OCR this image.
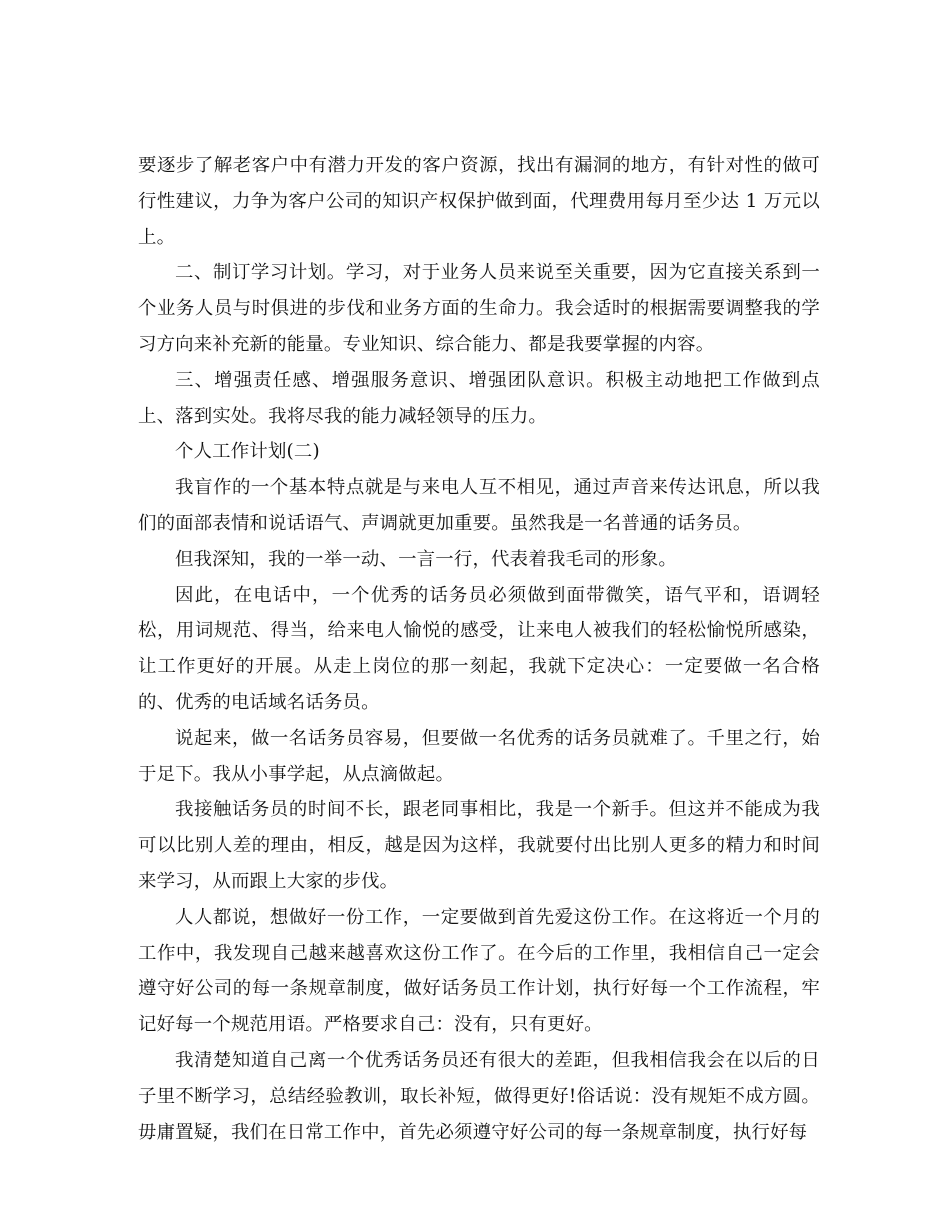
要逐步了解老客户中有潜力开发的客户资源，找出有漏洞的地方，有针对性的做可行性建议，力争为客户公司的知识产权保护做到面，代理费用每月至少达 1 万元以上。

二、制订学习计划。学习，对于业务人员来说至关重要，因为它直接关系到一个业务人员与时俱进的步伐和业务方面的生命力。我会适时的根据需要调整我的学习方向来补充新的能量。专业知识、综合能力、都是我要掌握的内容。

三、增强责任感、增强服务意识、增强团队意识。积极主动地把工作做到点上、落到实处。我将尽我的能力减轻领导的压力。

个人工作计划(二)

我盲作的一个基本特点就是与来电人互不相见，通过声音来传达讯息，所以我们的面部表情和说话语气、声调就更加重要。虽然我是一名普通的话务员。

但我深知，我的一举一动、一言一行，代表着我毛司的形象。

因此，在电话中，一个优秀的话务员必须做到面带微笑，语气平和，语调轻松，用词规范、得当，给来电人愉悦的感受，让来电人被我们的轻松愉悦所感染，让工作更好的开展。从走上岗位的那一刻起，我就下定决心：一定要做一名合格的、优秀的电话域名话务员。

说起来，做一名话务员容易，但要做一名优秀的话务员就难了。千里之行，始于足下。我从小事学起，从点滴做起。

我接触话务员的时间不长，跟老同事相比，我是一个新手。但这并不能成为我可以比别人差的理由，相反，越是因为这样，我就要付出比别人更多的精力和时间来学习，从而跟上大家的步伐。

人人都说，想做好一份工作，一定要做到首先爱这份工作。在这将近一个月的工作中，我发现自己越来越喜欢这份工作了。在今后的工作里，我相信自己一定会遵守好公司的每一条规章制度，做好话务员工作计划，执行好每一个工作流程，牢记好每一个规范用语。严格要求自己：没有，只有更好。

我清楚知道自己离一个优秀话务员还有很大的差距，但我相信我会在以后的日子里不断学习，总结经验教训，取长补短，做得更好!俗话说：没有规矩不成方圆。毋庸置疑，我们在日常工作中，首先必须遵守好公司的每一条规章制度，执行好每
